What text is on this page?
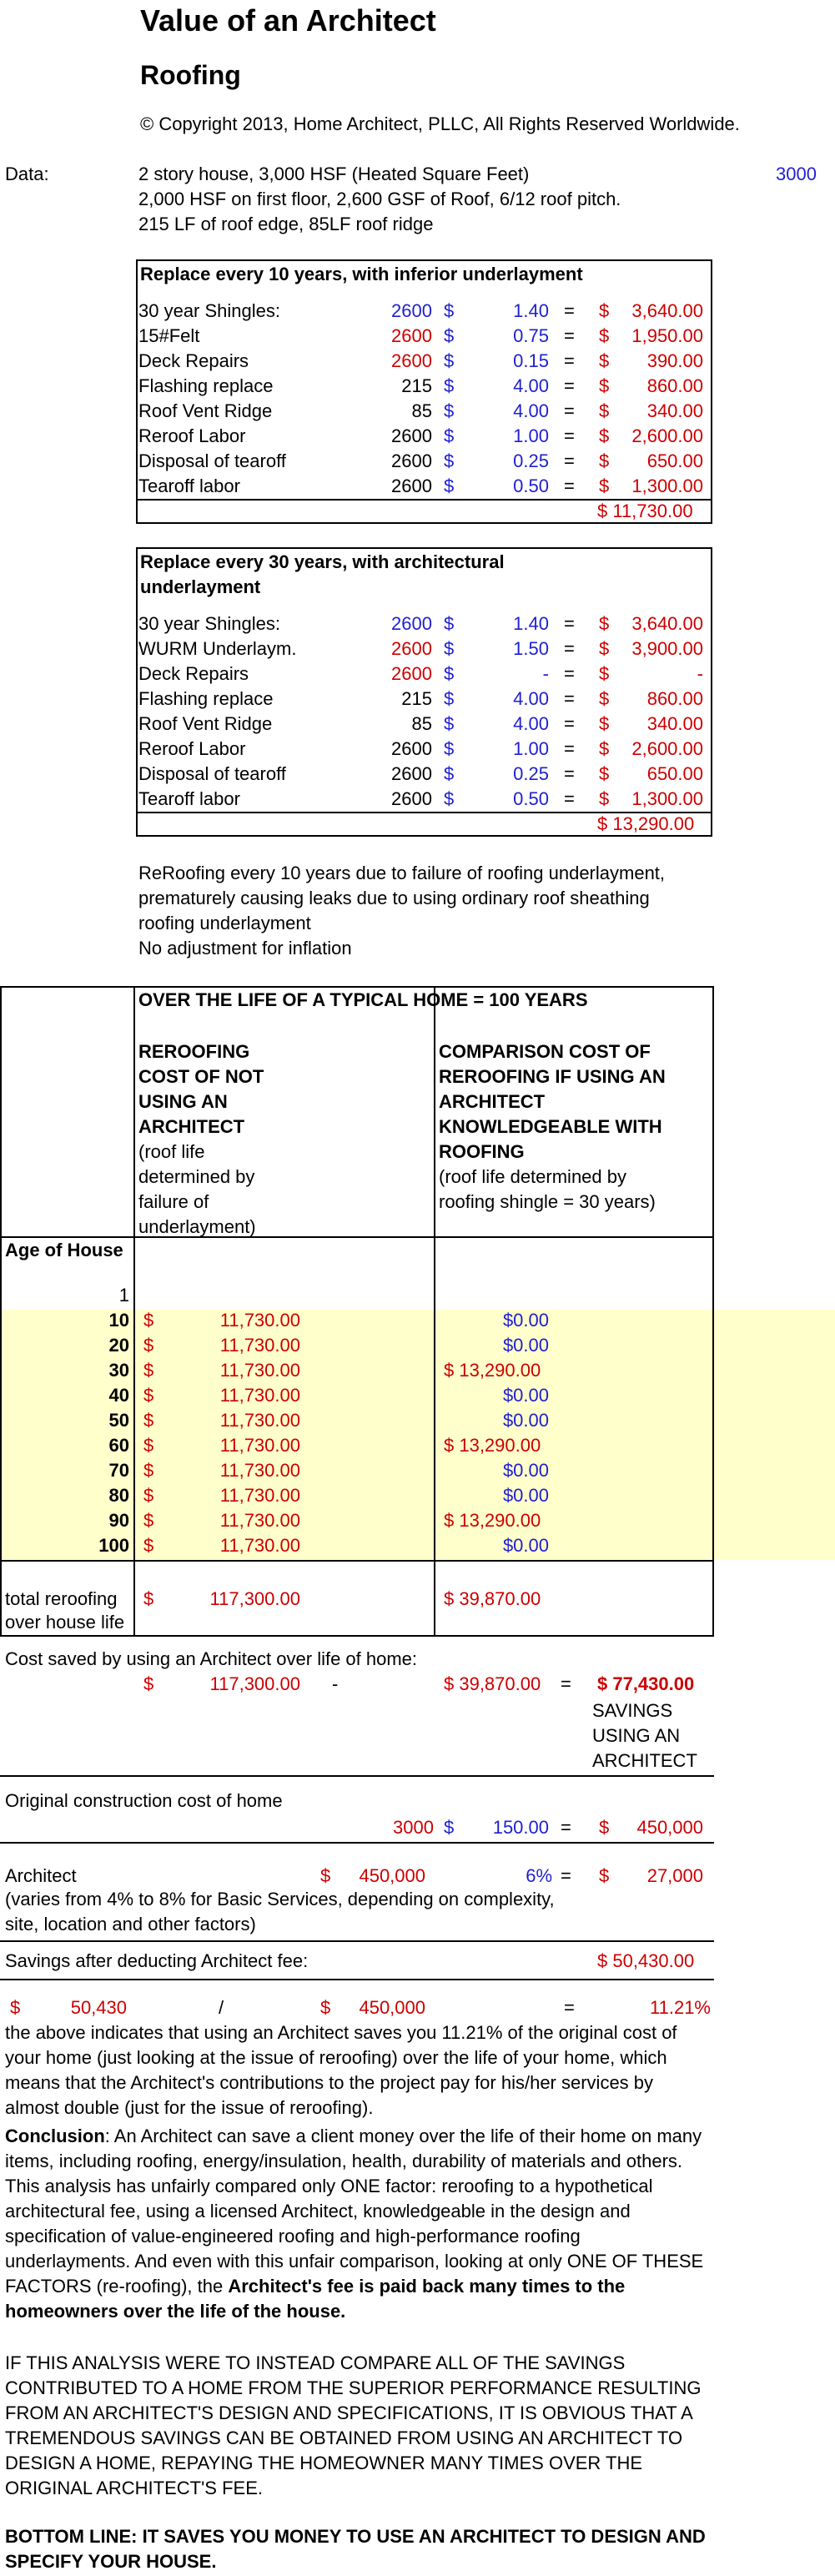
Value of an Architect
Roofing
© Copyright 2013, Home Architect, PLLC, All Rights Reserved Worldwide.
Data:	2 story house, 3,000 HSF (Heated Square Feet)
2,000 HSF on first floor, 2,600 GSF of Roof, 6/12 roof pitch.
215 LF of roof edge, 85LF roof ridge
3000
Replace every 10 years, with inferior underlayment
30 year Shingles:	2600 $	1.40 = $	3,640.00
15#Felt	2600 $	0.75 = $	1,950.00
Deck Repairs	2600 $	0.15 = $	390.00
Flashing replace	215 $	4.00 = $	860.00
Roof Vent Ridge	85 $	4.00 = $	340.00
Reroof Labor	2600 $	1.00 = $	2,600.00
Disposal of tearoff	2600 $	0.25 = $	650.00
Tearoff labor	2600 $	0.50 = $	1,300.00
$ 11,730.00
Replace every 30 years, with architectural
underlayment
30 year Shingles:	2600 $	1.40 = $	3,640.00
WURM Underlaym.	2600 $	1.50 = $	3,900.00
Deck Repairs	2600 $	- = $	-
Flashing replace	215 $	4.00 = $	860.00
Roof Vent Ridge	85 $	4.00 = $	340.00
Reroof Labor	2600 $	1.00 = $	2,600.00
Disposal of tearoff	2600 $	0.25 = $	650.00
Tearoff labor	2600 $	0.50 = $	1,300.00
$ 13,290.00
ReRoofing every 10 years due to failure of roofing underlayment,
prematurely causing leaks due to using ordinary roof sheathing
roofing underlayment
No adjustment for inflation
OVER THE LIFE OF A TYPICAL HOME = 100 YEARS
REROOFING
COST OF NOT
USING AN
ARCHITECT
(roof life
determined by
failure of
underlayment)
COMPARISON COST OF
REROOFING IF USING AN
ARCHITECT
KNOWLEDGEABLE WITH
ROOFING
(roof life determined by
roofing shingle = 30 years)
Age of House
1
10 $	11,730.00	$0.00
20 $	11,730.00	$0.00
30 $	11,730.00	$ 13,290.00
40 $	11,730.00	$0.00
50 $	11,730.00	$0.00
60 $	11,730.00	$ 13,290.00
70 $	11,730.00	$0.00
80 $	11,730.00	$0.00
90 $	11,730.00	$ 13,290.00
100 $	11,730.00	$0.00
total reroofing
over house life
$	117,300.00	$ 39,870.00
Cost saved by using an Architect over life of home:
$	117,300.00 -	$ 39,870.00 = $ 77,430.00
SAVINGS
USING AN
ARCHITECT
Original construction cost of home
3000 $	150.00 = $	450,000
Architect	$	450,000	6% = $	27,000
(varies from 4% to 8% for Basic Services, depending on complexity,
site, location and other factors)
Savings after deducting Architect fee:	$ 50,430.00
$	50,430	/	$	450,000	=	11.21%
the above indicates that using an Architect saves you 11.21% of the original cost of your home (just looking at the issue of reroofing) over the life of your home, which means that the Architect's contributions to the project pay for his/her services by almost double (just for the issue of reroofing).
Conclusion: An Architect can save a client money over the life of their home on many items, including roofing, energy/insulation, health, durability of materials and others. This analysis has unfairly compared only ONE factor: reroofing to a hypothetical architectural fee, using a licensed Architect, knowledgeable in the design and specification of value-engineered roofing and high-performance roofing underlayments. And even with this unfair comparison, looking at only ONE OF THESE FACTORS (re-roofing), the Architect's fee is paid back many times to the homeowners over the life of the house.
IF THIS ANALYSIS WERE TO INSTEAD COMPARE ALL OF THE SAVINGS CONTRIBUTED TO A HOME FROM THE SUPERIOR PERFORMANCE RESULTING FROM AN ARCHITECT'S DESIGN AND SPECIFICATIONS, IT IS OBVIOUS THAT A TREMENDOUS SAVINGS CAN BE OBTAINED FROM USING AN ARCHITECT TO DESIGN A HOME, REPAYING THE HOMEOWNER MANY TIMES OVER THE ORIGINAL ARCHITECT'S FEE.
BOTTOM LINE: IT SAVES YOU MONEY TO USE AN ARCHITECT TO DESIGN AND SPECIFY YOUR HOUSE.
